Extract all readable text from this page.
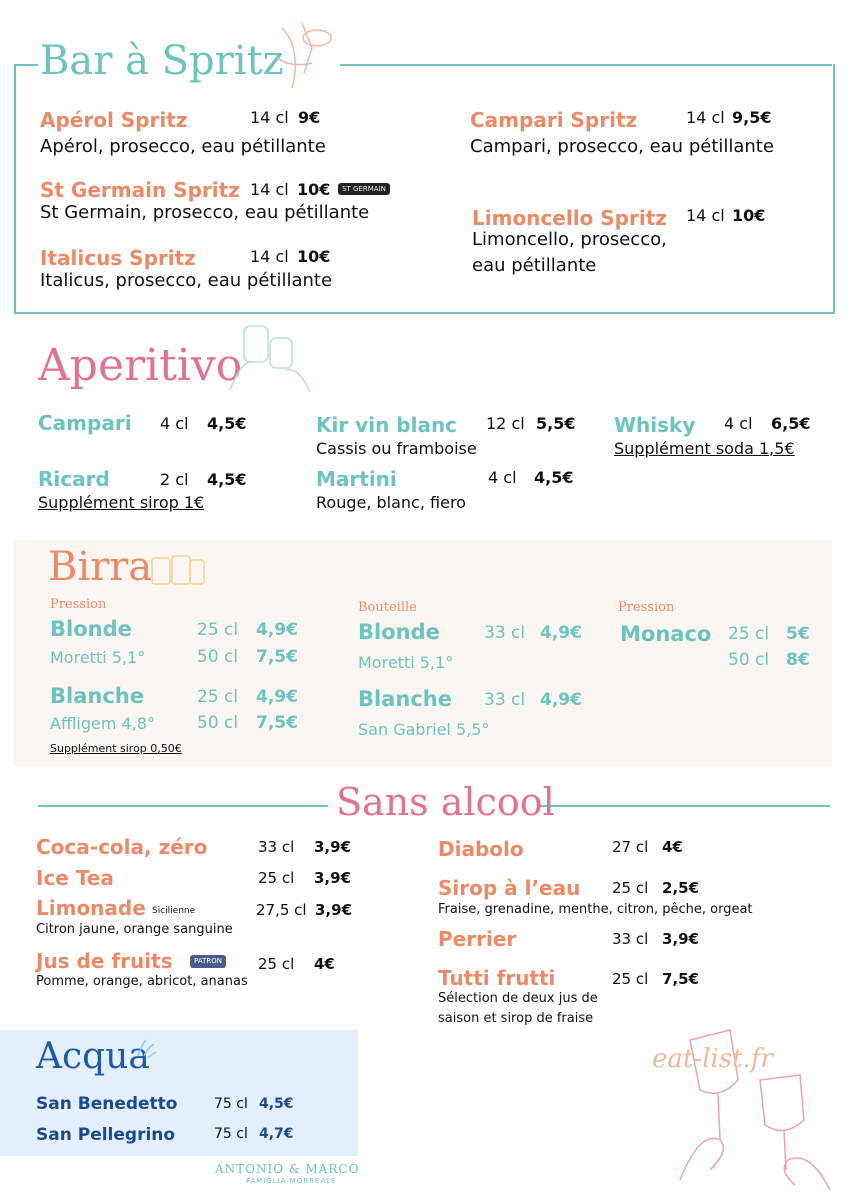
Bar à Spritz
Apérol Spritz	14 cl 9€
Apérol, prosecco, eau pétillante
St Germain Spritz 14 cl 10€	ST GERMAIN
St Germain, prosecco, eau pétillante
Italicus Spritz	14 cl 10€
Italicus, prosecco, eau pétillante
Campari Spritz	14 cl 9,5€
Campari, prosecco, eau pétillante
Limoncello Spritz 14 cl 10€
Limoncello, prosecco,
eau pétillante
Aperitivo
Campari 4 cl 4,5€
Ricard	2 cl 4,5€
Supplément sirop 1€
Kir vin blanc 12 cl 5,5€
Cassis ou framboise
Martini	4 cl 4,5€
Rouge, blanc, fiero
Whisky 4 cl 6,5€
Supplément soda 1,5€
Birra
Pression
Blonde
Moretti 5,1°
25 cl 4,9€
50 cl 7,5€
Blanche
Affligem 4,8°
25 cl 4,9€
50 cl 7,5€
Supplément sirop 0,50€
Bouteille
Blonde
Moretti 5,1°
33 cl 4,9€
Blanche
San Gabriel 5,5°
33 cl 4,9€
Pression
Monaco 25 cl 5€
50 cl 8€
Sans alcool
Coca-cola, zéro	33 cl 3,9€
Ice Tea	25 cl 3,9€
Limonade Sicilienne	27,5 cl 3,9€
Citron jaune, orange sanguine
Jus de fruits	PATRON 25 cl 4€
Pomme, orange, abricot, ananas
Diabolo	27 cl 4€
Sirop à l’eau 25 cl 2,5€
Fraise, grenadine, menthe, citron, pêche, orgeat
Perrier	33 cl 3,9€
Tutti frutti	25 cl 7,5€
Sélection de deux jus de
saison et sirop de fraise
Acqua
San Benedetto	75 cl 4,5€
San Pellegrino	75 cl 4,7€
ANTONIO & MARCO
FAMIGLIA MORREALE
eat-list.fr
